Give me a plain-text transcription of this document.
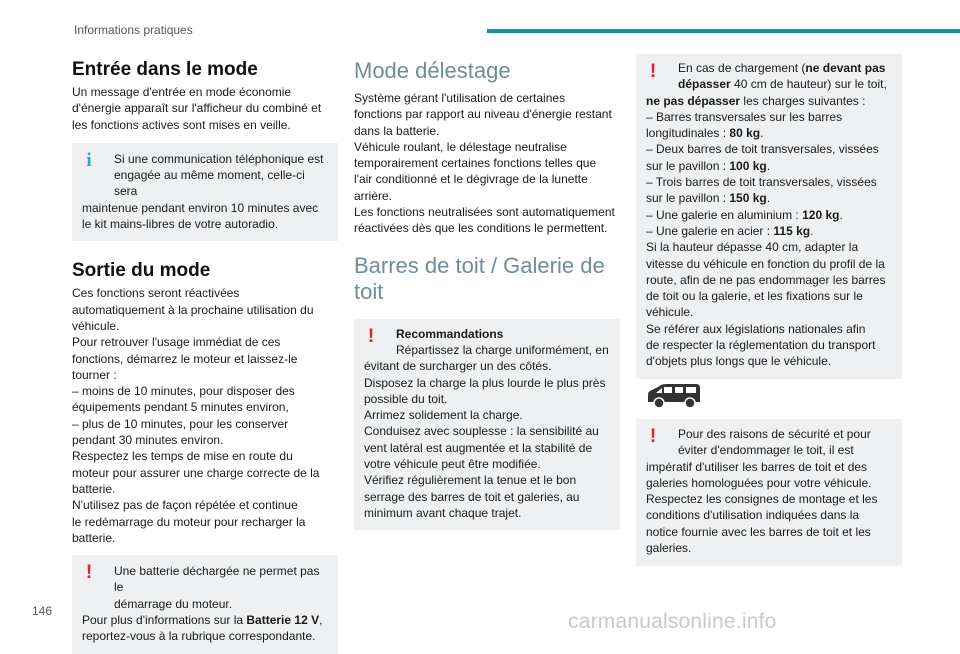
Informations pratiques
Entrée dans le mode
Un message d'entrée en mode économie
d'énergie apparaît sur l'afficheur du combiné et
les fonctions actives sont mises en veille.
i	Si une communication téléphonique est
engagée au même moment, celle-ci sera
maintenue pendant environ 10 minutes avec
le kit mains-libres de votre autoradio.
Sortie du mode
Ces fonctions seront réactivées
automatiquement à la prochaine utilisation du
véhicule.
Pour retrouver l'usage immédiat de ces
fonctions, démarrez le moteur et laissez-le
tourner :
– moins de 10 minutes, pour disposer des
équipements pendant 5 minutes environ,
– plus de 10 minutes, pour les conserver
pendant 30 minutes environ.
Respectez les temps de mise en route du
moteur pour assurer une charge correcte de la
batterie.
N'utilisez pas de façon répétée et continue
le redémarrage du moteur pour recharger la
batterie.
!	Une batterie déchargée ne permet pas le
démarrage du moteur.
Pour plus d'informations sur la Batterie 12 V,
reportez-vous à la rubrique correspondante.
Mode délestage
Système gérant l'utilisation de certaines
fonctions par rapport au niveau d'énergie restant
dans la batterie.
Véhicule roulant, le délestage neutralise
temporairement certaines fonctions telles que
l'air conditionné et le dégivrage de la lunette
arrière.
Les fonctions neutralisées sont automatiquement
réactivées dès que les conditions le permettent.
Barres de toit / Galerie de
toit
!	Recommandations
Répartissez la charge uniformément, en
évitant de surcharger un des côtés.
Disposez la charge la plus lourde le plus près
possible du toit.
Arrimez solidement la charge.
Conduisez avec souplesse : la sensibilité au
vent latéral est augmentée et la stabilité de
votre véhicule peut être modifiée.
Vérifiez régulièrement la tenue et le bon
serrage des barres de toit et galeries, au
minimum avant chaque trajet.
!	En cas de chargement (ne devant pas
dépasser 40 cm de hauteur) sur le toit,
ne pas dépasser les charges suivantes :
– Barres transversales sur les barres
longitudinales : 80 kg.
– Deux barres de toit transversales, vissées
sur le pavillon : 100 kg.
– Trois barres de toit transversales, vissées
sur le pavillon : 150 kg.
– Une galerie en aluminium : 120 kg.
– Une galerie en acier : 115 kg.
Si la hauteur dépasse 40 cm, adapter la
vitesse du véhicule en fonction du profil de la
route, afin de ne pas endommager les barres
de toit ou la galerie, et les fixations sur le
véhicule.
Se référer aux législations nationales afin
de respecter la réglementation du transport
d'objets plus longs que le véhicule.
!	Pour des raisons de sécurité et pour
éviter d'endommager le toit, il est
impératif d'utiliser les barres de toit et des
galeries homologuées pour votre véhicule.
Respectez les consignes de montage et les
conditions d'utilisation indiquées dans la
notice fournie avec les barres de toit et les
galeries.
146	carmanualsonline.info
